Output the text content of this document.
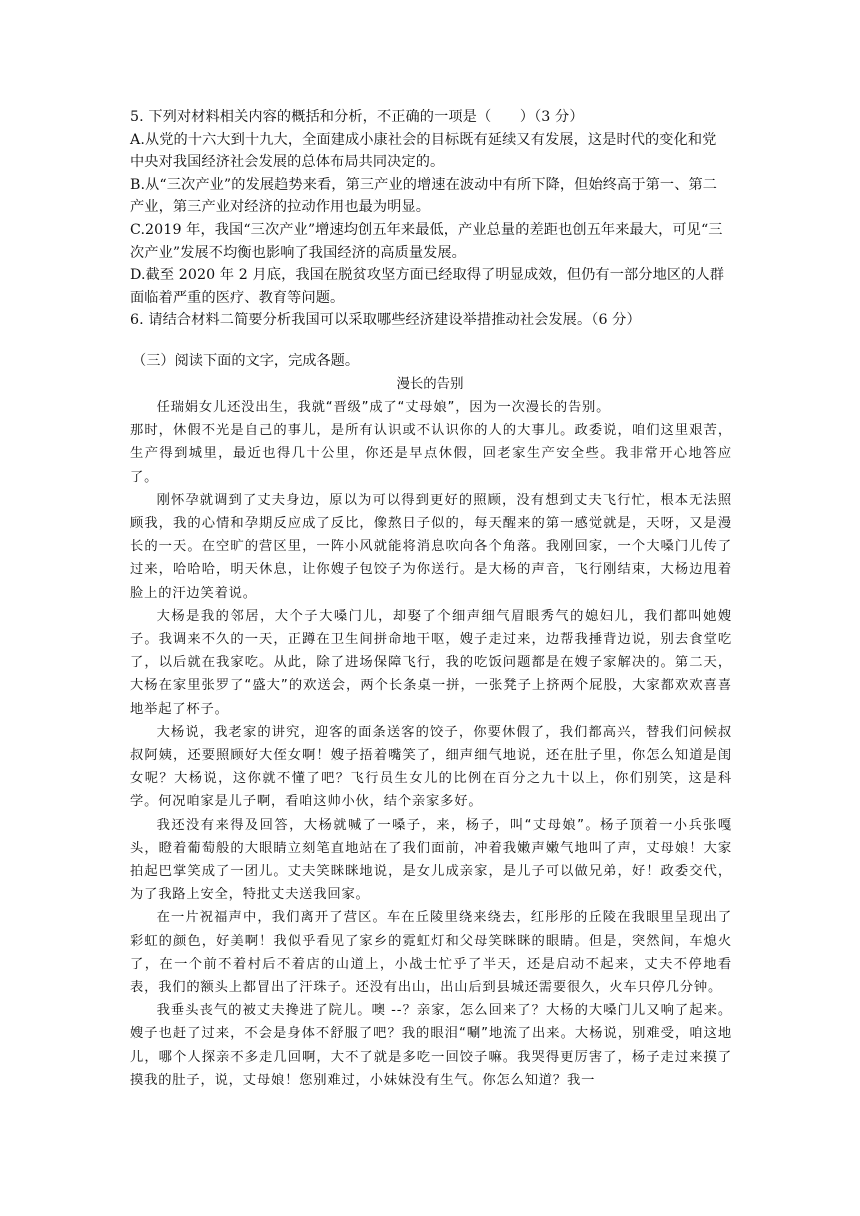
5. 下列对材料相关内容的概括和分析，不正确的一项是（　　）（3 分）

A.从党的十六大到十九大，全面建成小康社会的目标既有延续又有发展，这是时代的变化和党中央对我国经济社会发展的总体布局共同决定的。

B.从“三次产业”的发展趋势来看，第三产业的增速在波动中有所下降，但始终高于第一、第二产业，第三产业对经济的拉动作用也最为明显。

C.2019 年，我国“三次产业”增速均创五年来最低，产业总量的差距也创五年来最大，可见“三次产业”发展不均衡也影响了我国经济的高质量发展。

D.截至 2020 年 2 月底，我国在脱贫攻坚方面已经取得了明显成效，但仍有一部分地区的人群面临着严重的医疗、教育等问题。

6. 请结合材料二简要分析我国可以采取哪些经济建设举措推动社会发展。（6 分）

（三）阅读下面的文字，完成各题。
漫长的告别

任瑞娟女儿还没出生，我就“晋级”成了“丈母娘”，因为一次漫长的告别。

那时，休假不光是自己的事儿，是所有认识或不认识你的人的大事儿。政委说，咱们这里艰苦，生产得到城里，最近也得几十公里，你还是早点休假，回老家生产安全些。我非常开心地答应了。

刚怀孕就调到了丈夫身边，原以为可以得到更好的照顾，没有想到丈夫飞行忙，根本无法照顾我，我的心情和孕期反应成了反比，像熬日子似的，每天醒来的第一感觉就是，天呀，又是漫长的一天。在空旷的营区里，一阵小风就能将消息吹向各个角落。我刚回家，一个大嗓门儿传了过来，哈哈哈，明天休息，让你嫂子包饺子为你送行。是大杨的声音，飞行刚结束，大杨边甩着脸上的汗边笑着说。

大杨是我的邻居，大个子大嗓门儿，却娶了个细声细气眉眼秀气的媳妇儿，我们都叫她嫂子。我调来不久的一天，正蹲在卫生间拼命地干呕，嫂子走过来，边帮我捶背边说，别去食堂吃了，以后就在我家吃。从此，除了进场保障飞行，我的吃饭问题都是在嫂子家解决的。第二天，大杨在家里张罗了“盛大”的欢送会，两个长条桌一拼，一张凳子上挤两个屁股，大家都欢欢喜喜地举起了杯子。

大杨说，我老家的讲究，迎客的面条送客的饺子，你要休假了，我们都高兴，替我们问候叔叔阿姨，还要照顾好大侄女啊！嫂子捂着嘴笑了，细声细气地说，还在肚子里，你怎么知道是闺女呢？大杨说，这你就不懂了吧？飞行员生女儿的比例在百分之九十以上，你们别笑，这是科学。何况咱家是儿子啊，看咱这帅小伙，结个亲家多好。

我还没有来得及回答，大杨就喊了一嗓子，来，杨子，叫“丈母娘”。杨子顶着一小兵张嘎头，瞪着葡萄般的大眼睛立刻笔直地站在了我们面前，冲着我嫩声嫩气地叫了声，丈母娘！大家拍起巴掌笑成了一团儿。丈夫笑眯眯地说，是女儿成亲家，是儿子可以做兄弟，好！政委交代，为了我路上安全，特批丈夫送我回家。

在一片祝福声中，我们离开了营区。车在丘陵里绕来绕去，红彤彤的丘陵在我眼里呈现出了彩虹的颜色，好美啊！我似乎看见了家乡的霓虹灯和父母笑眯眯的眼睛。但是，突然间，车熄火了，在一个前不着村后不着店的山道上，小战士忙乎了半天，还是启动不起来，丈夫不停地看表，我们的额头上都冒出了汗珠子。还没有出山，出山后到县城还需要很久，火车只停几分钟。

我垂头丧气的被丈夫搀进了院儿。噢 --？亲家，怎么回来了？大杨的大嗓门儿又响了起来。嫂子也赶了过来，不会是身体不舒服了吧？我的眼泪“唰”地流了出来。大杨说，别难受，咱这地儿，哪个人探亲不多走几回啊，大不了就是多吃一回饺子嘛。我哭得更厉害了，杨子走过来摸了摸我的肚子，说，丈母娘！您别难过，小妹妹没有生气。你怎么知道？我一
